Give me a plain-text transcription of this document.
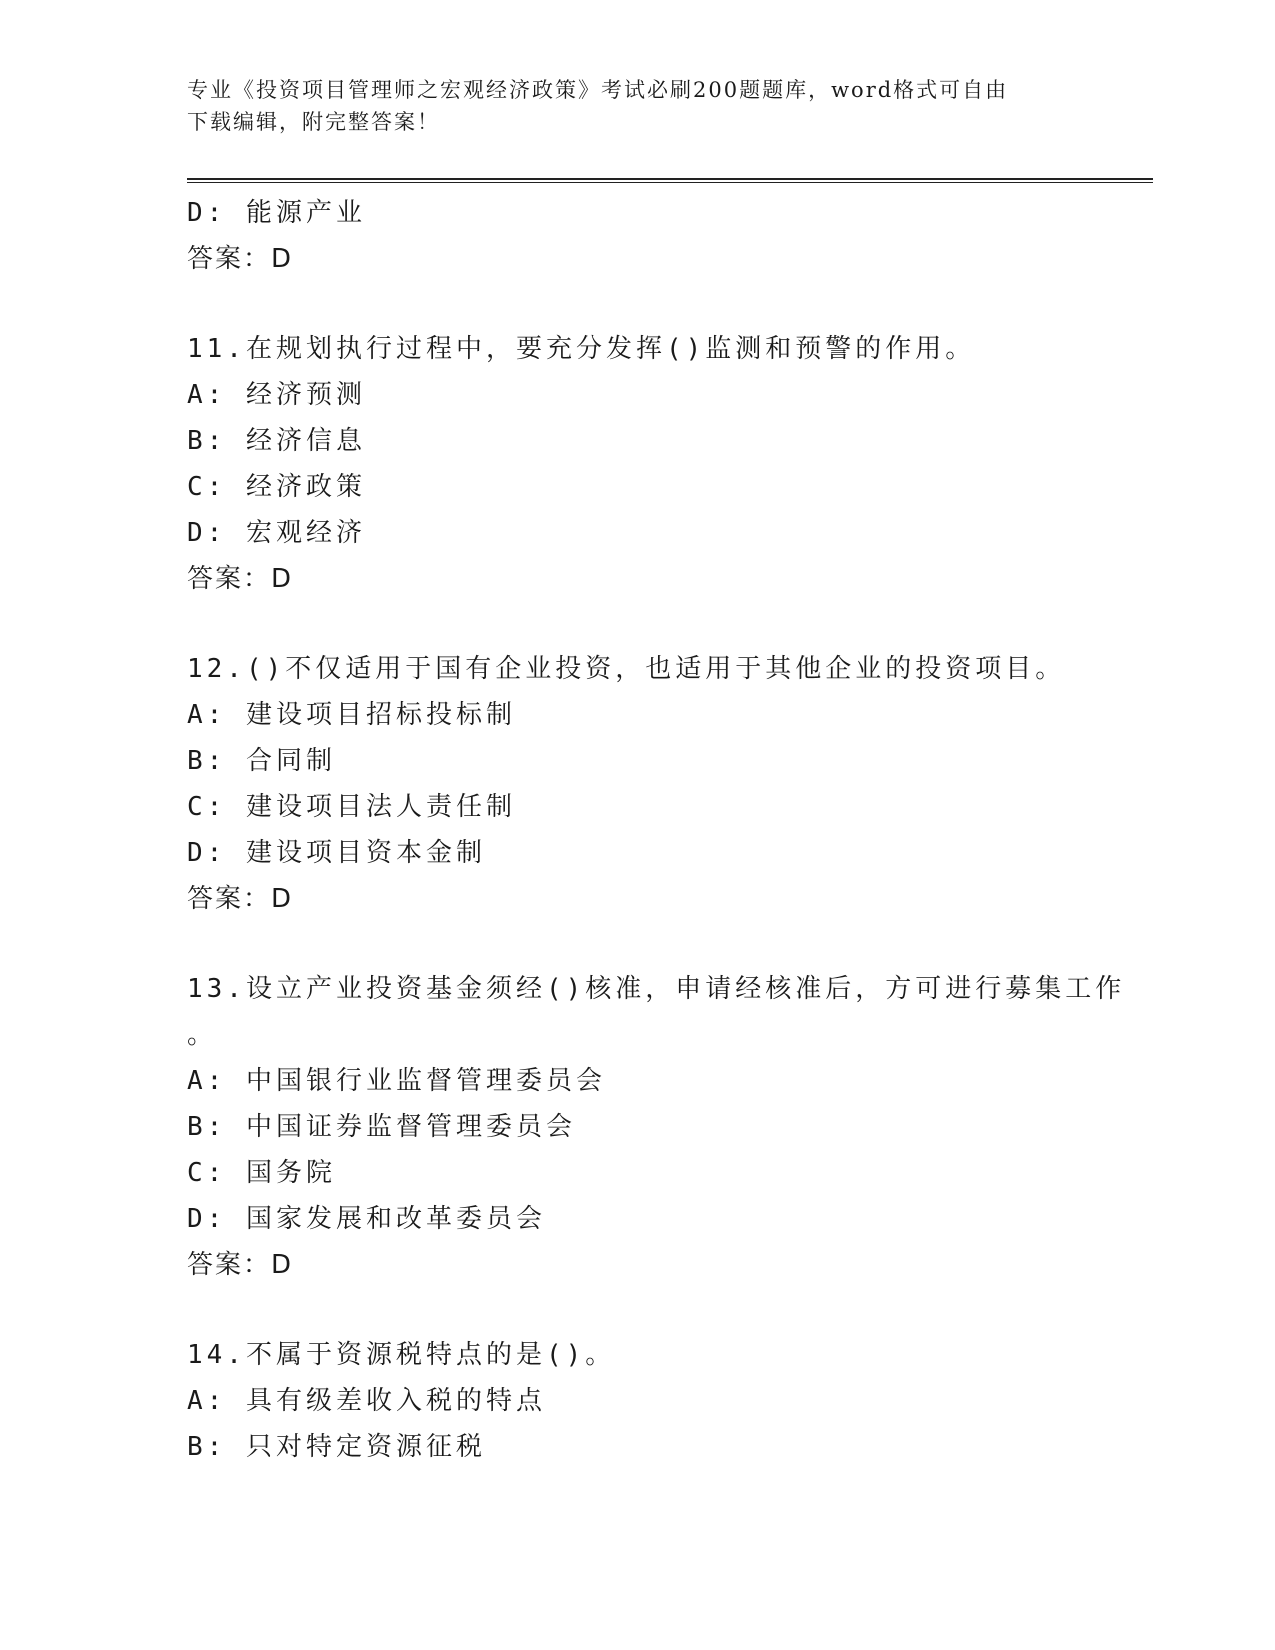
专业《投资项目管理师之宏观经济政策》考试必刷200题题库，word格式可自由
下载编辑，附完整答案！
D: 能源产业
答案：D
11.在规划执行过程中，要充分发挥()监测和预警的作用。
A: 经济预测
B: 经济信息
C: 经济政策
D: 宏观经济
答案：D
12.()不仅适用于国有企业投资，也适用于其他企业的投资项目。
A: 建设项目招标投标制
B: 合同制
C: 建设项目法人责任制
D: 建设项目资本金制
答案：D
13.设立产业投资基金须经()核准，申请经核准后，方可进行募集工作
。
A: 中国银行业监督管理委员会
B: 中国证券监督管理委员会
C: 国务院
D: 国家发展和改革委员会
答案：D
14.不属于资源税特点的是()。
A: 具有级差收入税的特点
B: 只对特定资源征税
